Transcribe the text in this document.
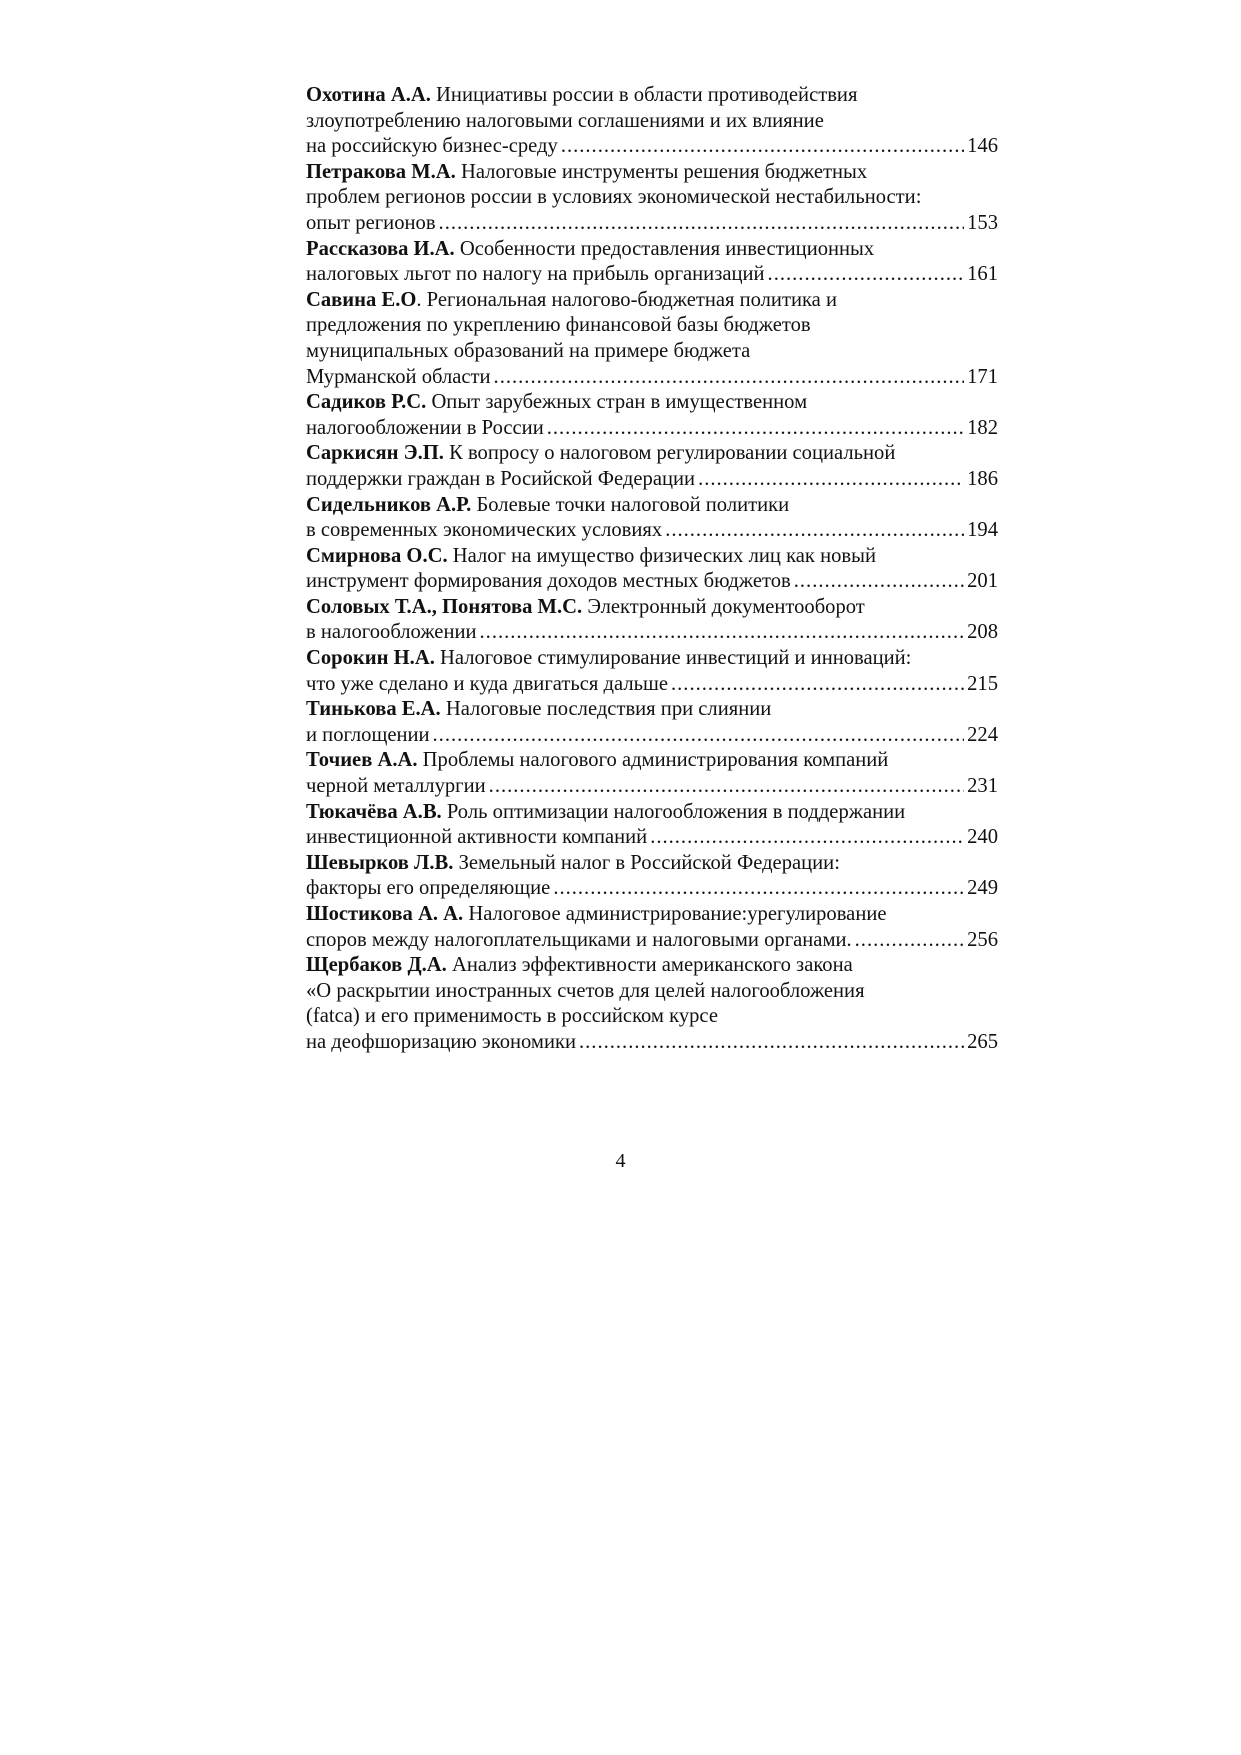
Охотина А.А. Инициативы россии в области противодействия
злоупотреблению налоговыми соглашениями и их влияние
на российскую бизнес-среду .....	146
Петракова М.А. Налоговые инструменты решения бюджетных
проблем регионов россии в условиях экономической нестабильности:
опыт регионов .....	153
Рассказова И.А. Особенности предоставления инвестиционных
налоговых льгот по налогу на прибыль организаций .....	161
Савина Е.О. Региональная налогово-бюджетная политика и
предложения по укреплению финансовой базы бюджетов
муниципальных образований на примере бюджета
Мурманской области .....	171
Садиков Р.С. Опыт зарубежных стран в имущественном
налогообложении в России .....	182
Саркисян Э.П. К вопросу о налоговом регулировании социальной
поддержки граждан в Росийской Федерации .....	186
Сидельников А.Р. Болевые точки налоговой политики
в современных экономических условиях .....	194
Смирнова О.С. Налог на имущество физических лиц как новый
инструмент формирования доходов местных бюджетов .....	201
Соловых Т.А., Понятова М.С. Электронный документооборот
в налогообложении .....	208
Сорокин Н.А. Налоговое стимулирование инвестиций и инноваций:
что уже сделано и куда двигаться дальше .....	215
Тинькова Е.А. Налоговые последствия при слиянии
и поглощении .....	224
Точиев А.А. Проблемы налогового администрирования компаний
черной металлургии .....	231
Тюкачёва А.В. Роль оптимизации налогообложения в поддержании
инвестиционной активности компаний .....	240
Шевырков Л.В. Земельный налог в Российской Федерации:
факторы его определяющие .....	249
Шостикова А. А. Налоговое администрирование:урегулирование
споров между налогоплательщиками и налоговыми органами. .....	256
Щербаков Д.А. Анализ эффективности американского закона
«О раскрытии иностранных счетов для целей налогообложения
(fatca) и его применимость в российском курсе
на деофшоризацию экономики .....	265
4
